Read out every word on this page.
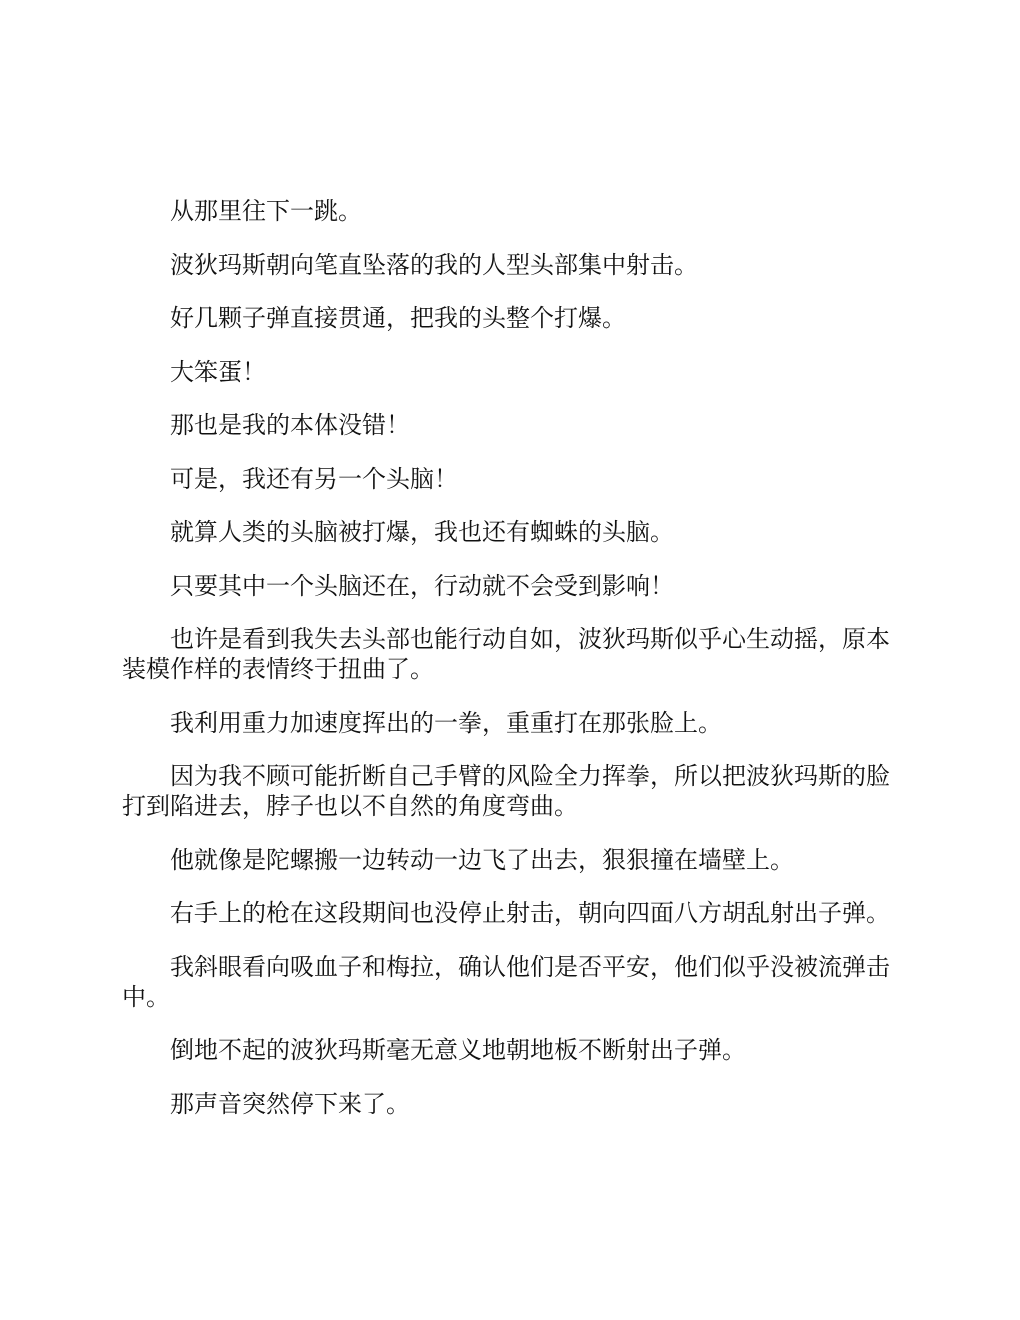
从那里往下一跳。

波狄玛斯朝向笔直坠落的我的人型头部集中射击。

好几颗子弹直接贯通，把我的头整个打爆。

大笨蛋！

那也是我的本体没错！

可是，我还有另一个头脑！

就算人类的头脑被打爆，我也还有蜘蛛的头脑。

只要其中一个头脑还在，行动就不会受到影响！

也许是看到我失去头部也能行动自如，波狄玛斯似乎心生动摇，原本装模作样的表情终于扭曲了。

我利用重力加速度挥出的一拳，重重打在那张脸上。

因为我不顾可能折断自己手臂的风险全力挥拳，所以把波狄玛斯的脸打到陷进去，脖子也以不自然的角度弯曲。

他就像是陀螺搬一边转动一边飞了出去，狠狠撞在墙壁上。

右手上的枪在这段期间也没停止射击，朝向四面八方胡乱射出子弹。

我斜眼看向吸血子和梅拉，确认他们是否平安，他们似乎没被流弹击中。

倒地不起的波狄玛斯毫无意义地朝地板不断射出子弹。

那声音突然停下来了。
